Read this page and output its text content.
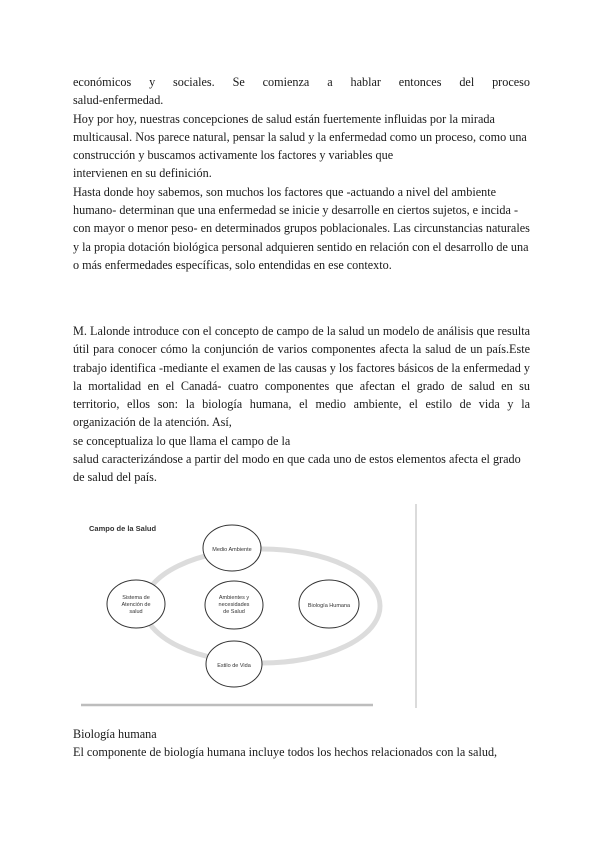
económicos y sociales. Se comienza a hablar entonces del proceso

salud-enfermedad.

Hoy por hoy, nuestras concepciones de salud están fuertemente influidas por la mirada multicausal. Nos parece natural, pensar la salud y la enfermedad como un proceso, como una construcción y buscamos activamente los factores y variables que

intervienen en su definición.

Hasta donde hoy sabemos, son muchos los factores que -actuando a nivel del ambiente humano- determinan que una enfermedad se inicie y desarrolle en ciertos sujetos, e incida -con mayor o menor peso- en determinados grupos poblacionales. Las circunstancias naturales y la propia dotación biológica personal adquieren sentido en relación con el desarrollo de una o más enfermedades específicas, solo entendidas en ese contexto.

M. Lalonde introduce con el concepto de campo de la salud un modelo de análisis que resulta útil para conocer cómo la conjunción de varios componentes afecta la salud de un país.Este trabajo identifica -mediante el examen de las causas y los factores básicos de la enfermedad y la mortalidad en el Canadá- cuatro componentes que afectan el grado de salud en su territorio, ellos son: la biología humana, el medio ambiente, el estilo de vida y la organización de la atención. Así,

se conceptualiza lo que llama el campo de la

salud caracterizándose a partir del modo en que cada uno de estos elementos afecta el grado de salud del país.

Campo de la Salud
Medio Ambiente
Sistema de
Atención de
salud
Ambientes y
necesidades
de Salud
Biología Humana
Estilo de Vida

Biología humana

El componente de biología humana incluye todos los hechos relacionados con la salud,
